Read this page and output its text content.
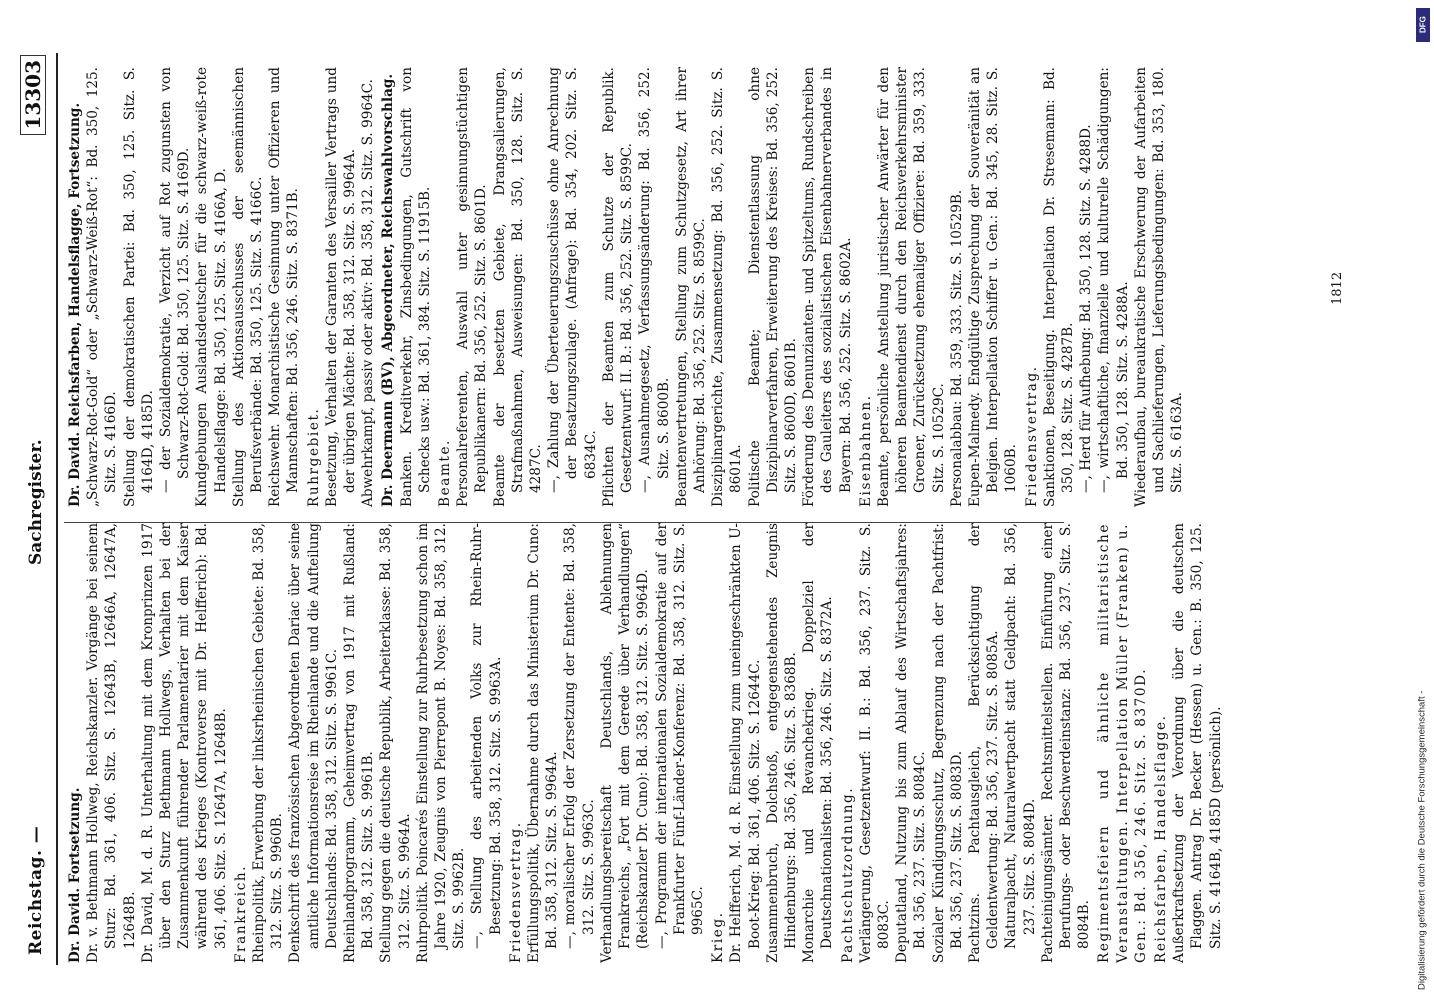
Reichstag. —
Sachregister.
13303

Dr. David. Fortsetzung. Dr. v. Bethmann Hollweg, Reichskanzler. Vorgänge bei seinem Sturz: Bd. 361, 406. Sitz. S. 12643B, 12646A, 12647A, 12648B. Dr. David, M. d. R. Unterhaltung mit dem Kronprinzen 1917 über den Sturz Bethmann Hollwegs, Verhalten bei der Zusammenkunft führender Parlamentarier mit dem Kaiser während des Krieges (Kontroverse mit Dr. Helfferich): Bd. 361, 406. Sitz. S. 12647A, 12648B. Frankreich. Rheinpolitik, Erwerbung der linksrheinischen Gebiete: Bd. 358, 312. Sitz. S. 9960B. Denkschrift des französischen Abgeordneten Dariac über seine amtliche Informationsreise im Rheinlande und die Aufteilung Deutschlands: Bd. 358, 312. Sitz. S. 9961C. Rheinlandprogramm, Geheimvertrag von 1917 mit Rußland: Bd. 358, 312. Sitz. S. 9961B. Stellung gegen die deutsche Republik, Arbeiterklasse: Bd. 358, 312. Sitz. S. 9964A. Ruhrpolitik. Poincarés Einstellung zur Ruhrbesetzung schon im Jahre 1920, Zeugnis von Pierrepont B. Noyes: Bd. 358, 312. Sitz. S. 9962B. —, Stellung des arbeitenden Volks zur Rhein-Ruhr-Besetzung: Bd. 358, 312. Sitz. S. 9963A. Friedensvertrag. Erfüllungspolitik, Übernahme durch das Ministerium Dr. Cuno: Bd. 358, 312. Sitz. S. 9964A. —, moralischer Erfolg der Zersetzung der Entente: Bd. 358, 312. Sitz. S. 9963C. Verhandlungsbereitschaft Deutschlands, Ablehnungen Frankreichs, „Fort mit dem Gerede über Verhandlungen“ (Reichskanzler Dr. Cuno): Bd. 358, 312. Sitz. S. 9964D. —, Programm der internationalen Sozialdemokratie auf der Frankfurter Fünf-Länder-Konferenz: Bd. 358, 312. Sitz. S. 9965C.

Krieg. Dr. Helfferich, M. d. R. Einstellung zum uneingeschränkten U-Boot-Krieg: Bd. 361, 406. Sitz. S. 12644C. Zusammenbruch, Dolchstoß, entgegenstehendes Zeugnis Hindenburgs: Bd. 356, 246. Sitz. S. 8368B. Monarchie und Revanchekrieg. Doppelziel der Deutschnationalisten: Bd. 356, 246. Sitz. S. 8372A. Pachtschutzordnung. Verlängerung, Gesetzentwurf: II. B.: Bd. 356, 237. Sitz. S. 8083C. Deputatland, Nutzung bis zum Ablauf des Wirtschaftsjahres: Bd. 356, 237. Sitz. S. 8084C. Sozialer Kündigungsschutz, Begrenzung nach der Pachtfrist: Bd. 356, 237. Sitz. S. 8083D. Pachtzins. Pachtausgleich, Berücksichtigung der Geldentwertung: Bd. 356, 237. Sitz. S. 8085A. Naturalpacht, Naturalwertpacht statt Geldpacht: Bd. 356, 237. Sitz. S. 8084D. Pachteinigungsämter. Rechtsmittelstellen. Einführung einer Berufungs- oder Beschwerdeinstanz: Bd. 356, 237. Sitz. S. 8084B. Regimentsfeiern und ähnliche militaristische Veranstaltungen. Interpellation Müller (Franken) u. Gen.: Bd. 356, 246. Sitz. S. 8370D. Reichsfarben, Handelsflagge. Außerkraftsetzung der Verordnung über die deutschen Flaggen. Antrag Dr. Becker (Hessen) u. Gen.: B. 350, 125. Sitz. S. 4164B, 4185D (persönlich).

Dr. David. Reichsfarben, Handelsflagge, Fortsetzung. „Schwarz-Rot-Gold“ oder „Schwarz-Weiß-Rot“: Bd. 350, 125. Sitz. S. 4166D. Stellung der demokratischen Partei: Bd. 350, 125. Sitz. S. 4164D, 4185D. — der Sozialdemokratie, Verzicht auf Rot zugunsten von Schwarz-Rot-Gold: Bd. 350, 125. Sitz. S. 4169D. Kundgebungen Auslandsdeutscher für die schwarz-weiß-rote Handelsflagge: Bd. 350, 125. Sitz. S. 4166A, D. Stellung des Aktionsausschusses der seemännischen Berufsverbände: Bd. 350, 125. Sitz. S. 4166C. Reichswehr. Monarchistische Gesinnung unter Offizieren und Mannschaften: Bd. 356, 246. Sitz. S. 8371B. Ruhrgebiet. Besetzung, Verhalten der Garanten des Versailler Vertrags und der übrigen Mächte: Bd. 358, 312. Sitz. S. 9964A. Abwehrkampf, passiv oder aktiv: Bd. 358, 312. Sitz. S. 9964C. Dr. Deermann (BV), Abgeordneter, Reichswahlvorschlag. Banken. Kreditverkehr, Zinsbedingungen, Gutschrift von Schecks usw.: Bd. 361, 384. Sitz. S. 11915B. Beamte. Personalreferenten, Auswahl unter gesinnungstüchtigen Republikanern: Bd. 356, 252. Sitz. S. 8601D. Beamte der besetzten Gebiete, Drangsalierungen, Strafmaßnahmen, Ausweisungen: Bd. 350, 128. Sitz. S. 4287C. —, Zahlung der Überteuerungszuschüsse ohne Anrechnung der Besatzungszulage. (Anfrage): Bd. 354, 202. Sitz. S. 6834C. Pflichten der Beamten zum Schutze der Republik. Gesetzentwurf: II. B.: Bd. 356, 252. Sitz. S. 8599C. —, Ausnahmegesetz, Verfassungsänderung: Bd. 356, 252. Sitz. S. 8600B. Beamtenvertretungen, Stellung zum Schutzgesetz, Art ihrer Anhörung: Bd. 356, 252. Sitz. S. 8599C. Disziplinargerichte, Zusammensetzung: Bd. 356, 252. Sitz. S. 8601A. Politische Beamte; Dienstentlassung ohne Disziplinarverfahren, Erweiterung des Kreises: Bd. 356, 252. Sitz. S. 8600D, 8601B. Förderung des Denunzianten- und Spitzeltums, Rundschreiben des Gauleiters des sozialistischen Eisenbahnerverbandes in Bayern: Bd. 356, 252. Sitz. S. 8602A. Eisenbahnen. Beamte, persönliche Anstellung juristischer Anwärter für den höheren Beamtendienst durch den Reichsverkehrsminister Groener, Zurücksetzung ehemaliger Offiziere: Bd. 359, 333. Sitz. S. 10529C. Personalabbau: Bd. 359, 333. Sitz. S. 10529B. Eupen-Malmedy. Endgültige Zusprechung der Souveränität an Belgien. Interpellation Schiffer u. Gen.: Bd. 345, 28. Sitz. S. 1060B. Friedensvertrag. Sanktionen, Beseitigung. Interpellation Dr. Stresemann: Bd. 350, 128. Sitz. S. 4287B. —, Herd für Aufhebung: Bd. 350, 128. Sitz. S. 4288D. —, wirtschaftliche, finanzielle und kulturelle Schädigungen: Bd. 350, 128. Sitz. S. 4288A. Wiederaufbau, bureaukratische Erschwerung der Aufarbeiten und Sachlieferungen, Lieferungsbedingungen: Bd. 353, 180. Sitz. S. 6163A.

1812
Digitalisierung gefördert durch die Deutsche Forschungsgemeinschaft -
DFG
